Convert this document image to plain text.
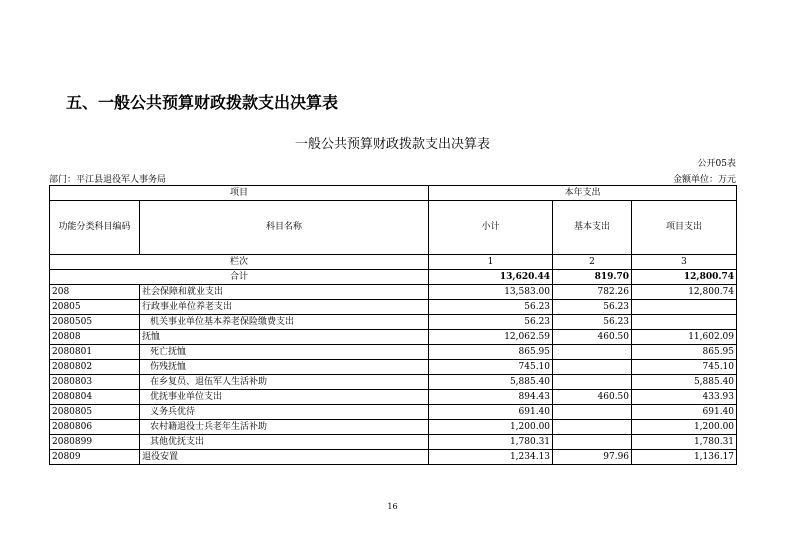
五、一般公共预算财政拨款支出决算表
一般公共预算财政拨款支出决算表
公开05表
部门：平江县退役军人事务局	金额单位：万元
项目		本年支出		
功能分类科目编码	科目名称	小计	基本支出	项目支出
栏次		1	2	3
合计		13,620.44	819.70	12,800.74
208	社会保障和就业支出	13,583.00	782.26	12,800.74
20805	行政事业单位养老支出	56.23	56.23	
2080505	机关事业单位基本养老保险缴费支出	56.23	56.23	
20808	抚恤	12,062.59	460.50	11,602.09
2080801	死亡抚恤	865.95		865.95
2080802	伤残抚恤	745.10		745.10
2080803	在乡复员、退伍军人生活补助	5,885.40		5,885.40
2080804	优抚事业单位支出	894.43	460.50	433.93
2080805	义务兵优待	691.40		691.40
2080806	农村籍退役士兵老年生活补助	1,200.00		1,200.00
2080899	其他优抚支出	1,780.31		1,780.31
20809	退役安置	1,234.13	97.96	1,136.17
16
